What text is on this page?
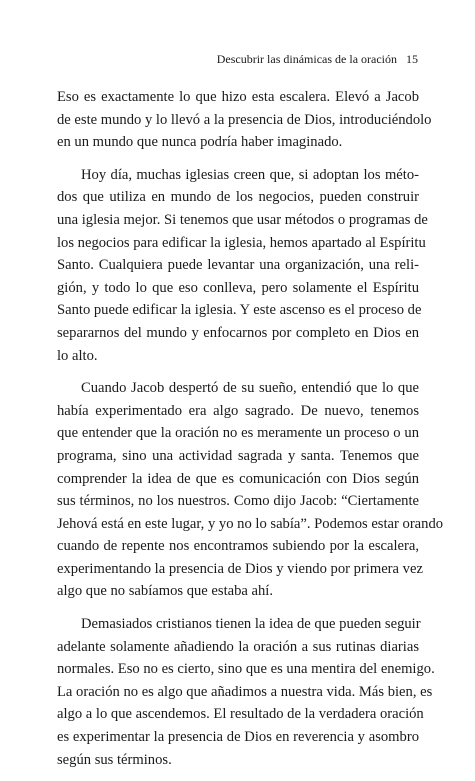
Descubrir las dinámicas de la oración 15
Eso es exactamente lo que hizo esta escalera. Elevó a Jacob
de este mundo y lo llevó a la presencia de Dios, introduciéndolo
en un mundo que nunca podría haber imaginado.
Hoy día, muchas iglesias creen que, si adoptan los méto-
dos que utiliza en mundo de los negocios, pueden construir
una iglesia mejor. Si tenemos que usar métodos o programas de
los negocios para edificar la iglesia, hemos apartado al Espíritu
Santo. Cualquiera puede levantar una organización, una reli-
gión, y todo lo que eso conlleva, pero solamente el Espíritu
Santo puede edificar la iglesia. Y este ascenso es el proceso de
separarnos del mundo y enfocarnos por completo en Dios en
lo alto.
Cuando Jacob despertó de su sueño, entendió que lo que
había experimentado era algo sagrado. De nuevo, tenemos
que entender que la oración no es meramente un proceso o un
programa, sino una actividad sagrada y santa. Tenemos que
comprender la idea de que es comunicación con Dios según
sus términos, no los nuestros. Como dijo Jacob: “Ciertamente
Jehová está en este lugar, y yo no lo sabía”. Podemos estar orando
cuando de repente nos encontramos subiendo por la escalera,
experimentando la presencia de Dios y viendo por primera vez
algo que no sabíamos que estaba ahí.
Demasiados cristianos tienen la idea de que pueden seguir
adelante solamente añadiendo la oración a sus rutinas diarias
normales. Eso no es cierto, sino que es una mentira del enemigo.
La oración no es algo que añadimos a nuestra vida. Más bien, es
algo a lo que ascendemos. El resultado de la verdadera oración
es experimentar la presencia de Dios en reverencia y asombro
según sus términos.
